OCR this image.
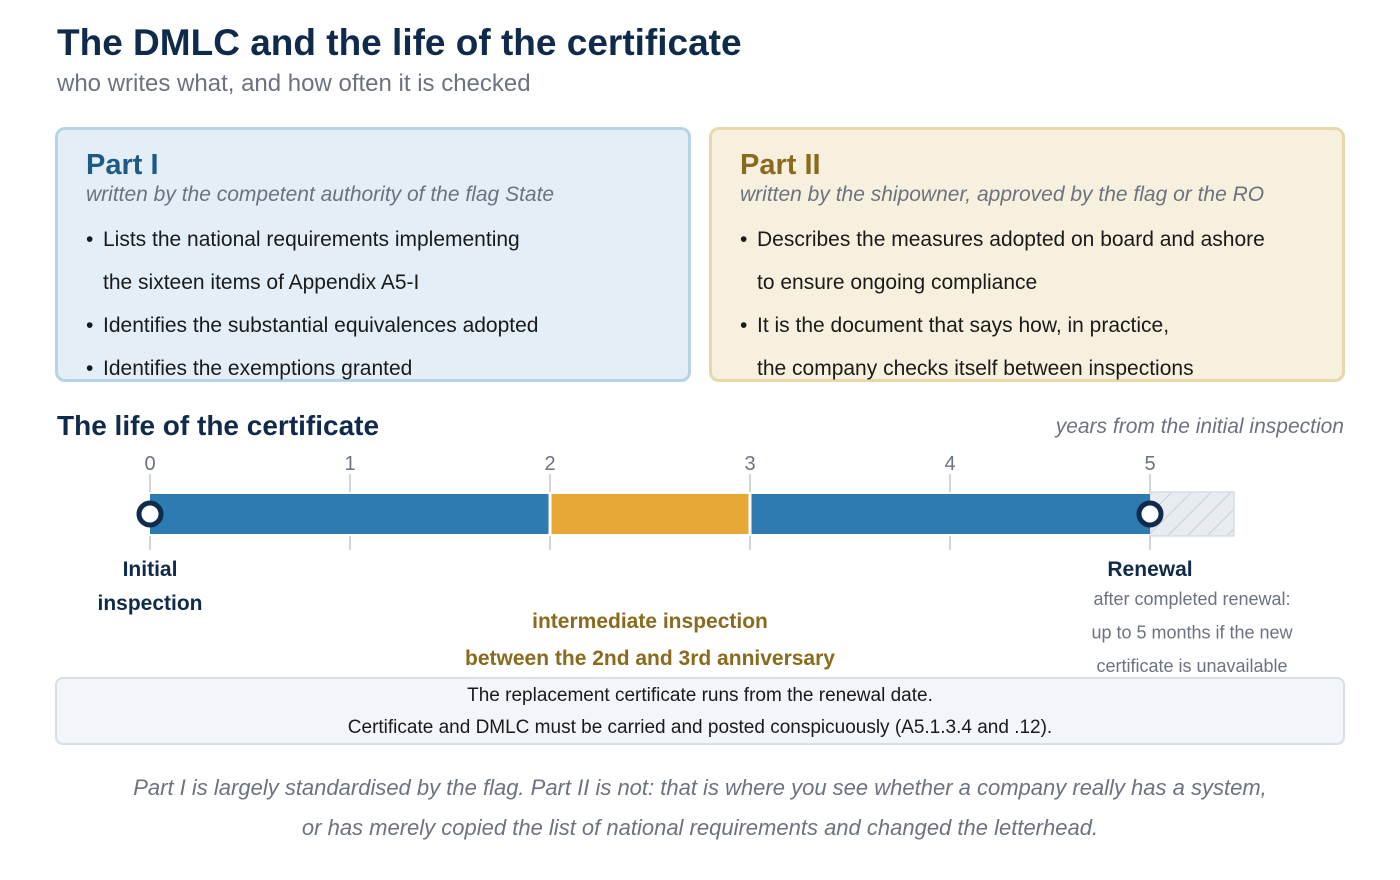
The DMLC and the life of the certificate
who writes what, and how often it is checked
Part I
written by the competent authority of the flag State
• Lists the national requirements implementing
the sixteen items of Appendix A5-I
• Identifies the substantial equivalences adopted
• Identifies the exemptions granted
Part II
written by the shipowner, approved by the flag or the RO
• Describes the measures adopted on board and ashore
to ensure ongoing compliance
• It is the document that says how, in practice,
the company checks itself between inspections
The life of the certificate	years from the initial inspection
0	1	2	3	4	5
Initial
inspection
Renewal
intermediate inspection
between the 2nd and 3rd anniversary
after completed renewal:
up to 5 months if the new
certificate is unavailable
The replacement certificate runs from the renewal date.
Certificate and DMLC must be carried and posted conspicuously (A5.1.3.4 and .12).
Part I is largely standardised by the flag. Part II is not: that is where you see whether a company really has a system,
or has merely copied the list of national requirements and changed the letterhead.
